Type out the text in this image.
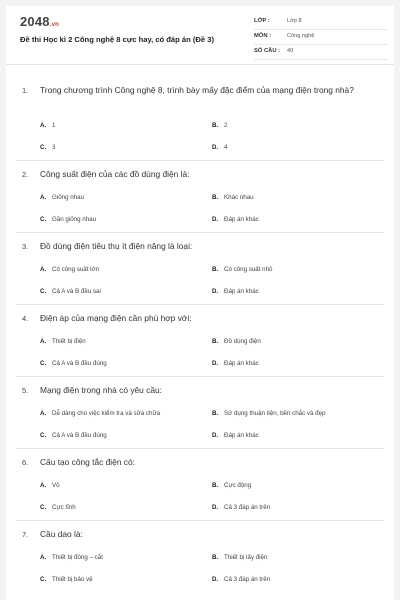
2048.vn
Đề thi Học kì 2 Công nghệ 8 cực hay, có đáp án (Đề 3)
LỚP :	Lớp 8
MÔN :	Công nghệ
SỐ CÂU : 40
1. Trong chương trình Công nghệ 8, trình bày mấy đặc điểm của mạng điện trong nhà?
A. 1	B. 2
C. 3	D. 4
2. Công suất điện của các đồ dùng điện là:
A. Giống nhau	B. Khác nhau
C. Gần giống nhau	D. Đáp án khác
3. Đồ dùng điện tiêu thụ ít điện năng là loại:
A. Có công suất lớn	B. Có công suất nhỏ
C. Cả A và B đều sai	D. Đáp án khác
4. Điện áp của mạng điện cần phù hợp với:
A. Thiết bị điện	B. Đồ dùng điện
C. Cả A và B đều đúng	D. Đáp án khác
5. Mạng điện trong nhà có yêu cầu:
A. Dễ dàng cho việc kiểm tra và sửa chữa	B. Sử dụng thuận tiện, bền chắc và đẹp
C. Cả A và B đều đúng	D. Đáp án khác
6. Cấu tạo công tắc điện có:
A. Vỏ	B. Cực động
C. Cực tĩnh	D. Cả 3 đáp án trên
7. Cầu dao là:
A. Thiết bị đóng – cắt	B. Thiết bị lấy điện
C. Thiết bị bảo vệ	D. Cả 3 đáp án trên
